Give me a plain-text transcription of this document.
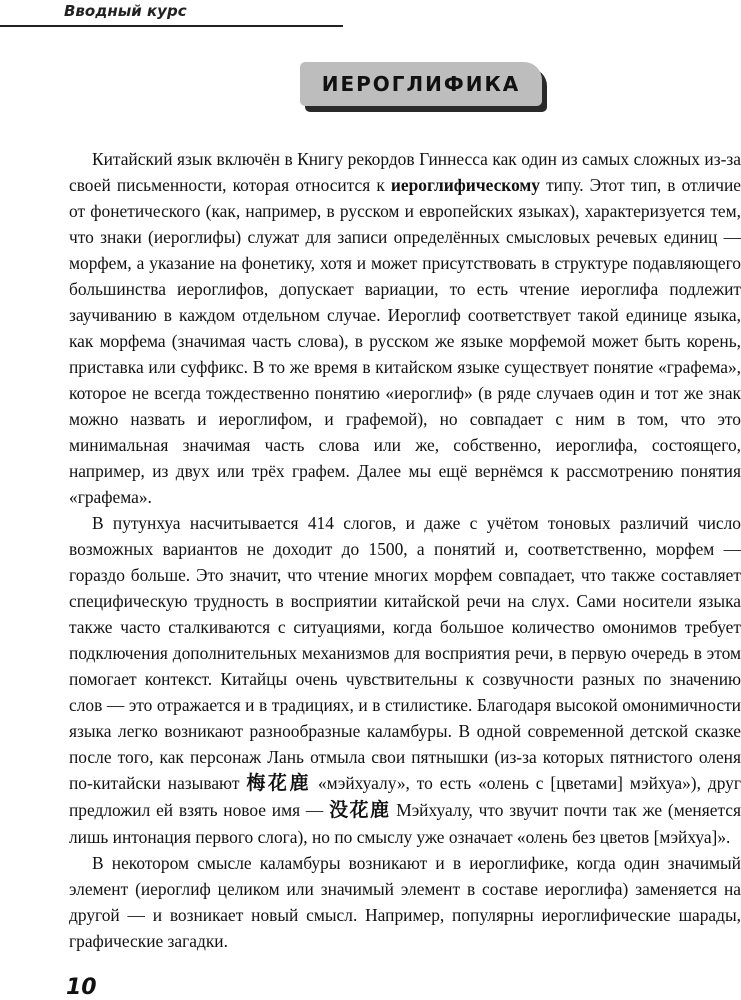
Вводный курс
ИЕРОГЛИФИКА

Китайский язык включён в Книгу рекордов Гиннесса как один из самых сложных из-за своей письменности, которая относится к иероглифическому типу. Этот тип, в отличие от фонетического (как, например, в русском и европейских языках), характеризуется тем, что знаки (иероглифы) служат для записи определённых смысловых речевых единиц — морфем, а указание на фонетику, хотя и может присутствовать в структуре подавляющего большинства иероглифов, допускает вариации, то есть чтение иероглифа подлежит заучиванию в каждом отдельном случае. Иероглиф соответствует такой единице языка, как морфема (значимая часть слова), в русском же языке морфемой может быть корень, приставка или суффикс. В то же время в китайском языке существует понятие «графема», которое не всегда тождественно понятию «иероглиф» (в ряде случаев один и тот же знак можно назвать и иероглифом, и графемой), но совпадает с ним в том, что это минимальная значимая часть слова или же, собственно, иероглифа, состоящего, например, из двух или трёх графем. Далее мы ещё вернёмся к рассмотрению понятия «графема».

В путунхуа насчитывается 414 слогов, и даже с учётом тоновых различий число возможных вариантов не доходит до 1500, а понятий и, соответственно, морфем — гораздо больше. Это значит, что чтение многих морфем совпадает, что также составляет специфическую трудность в восприятии китайской речи на слух. Сами носители языка также часто сталкиваются с ситуациями, когда большое количество омонимов требует подключения дополнительных механизмов для восприятия речи, в первую очередь в этом помогает контекст. Китайцы очень чувствительны к созвучности разных по значению слов — это отражается и в традициях, и в стилистике. Благодаря высокой омонимичности языка легко возникают разнообразные каламбуры. В одной современной детской сказке после того, как персонаж Лань отмыла свои пятнышки (из-за которых пятнистого оленя по-китайски называют 梅花鹿 «мэйхуалу», то есть «олень с [цветами] мэйхуа»), друг предложил ей взять новое имя — 没花鹿 Мэйхуалу, что звучит почти так же (меняется лишь интонация первого слога), но по смыслу уже означает «олень без цветов [мэйхуа]».

В некотором смысле каламбуры возникают и в иероглифике, когда один значимый элемент (иероглиф целиком или значимый элемент в составе иероглифа) заменяется на другой — и возникает новый смысл. Например, популярны иероглифические шарады, графические загадки.

10
